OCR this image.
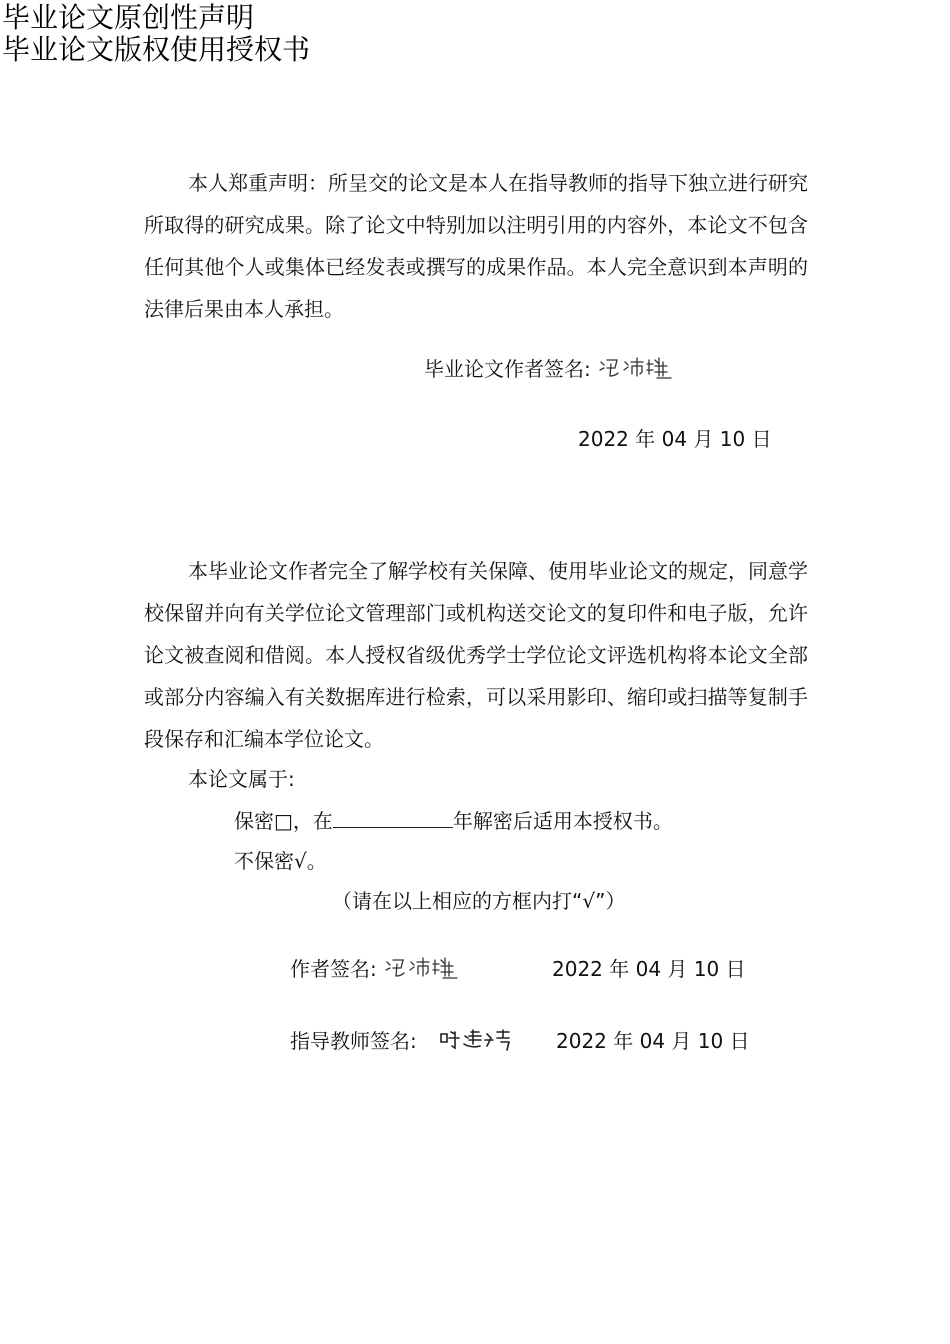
毕业论文原创性声明
毕业论文版权使用授权书

本人郑重声明：所呈交的论文是本人在指导教师的指导下独立进行研究所取得的研究成果。除了论文中特别加以注明引用的内容外，本论文不包含任何其他个人或集体已经发表或撰写的成果作品。本人完全意识到本声明的法律后果由本人承担。

毕业论文作者签名:
2022 年 04 月 10 日

本毕业论文作者完全了解学校有关保障、使用毕业论文的规定，同意学校保留并向有关学位论文管理部门或机构送交论文的复印件和电子版，允许论文被查阅和借阅。本人授权省级优秀学士学位论文评选机构将本论文全部或部分内容编入有关数据库进行检索，可以采用影印、缩印或扫描等复制手段保存和汇编本学位论文。

本论文属于:
保密□，在	年解密后适用本授权书。
不保密√。
（请在以上相应的方框内打“√”）
作者签名:	2022 年 04 月 10 日
指导教师签名:	2022 年 04 月 10 日
